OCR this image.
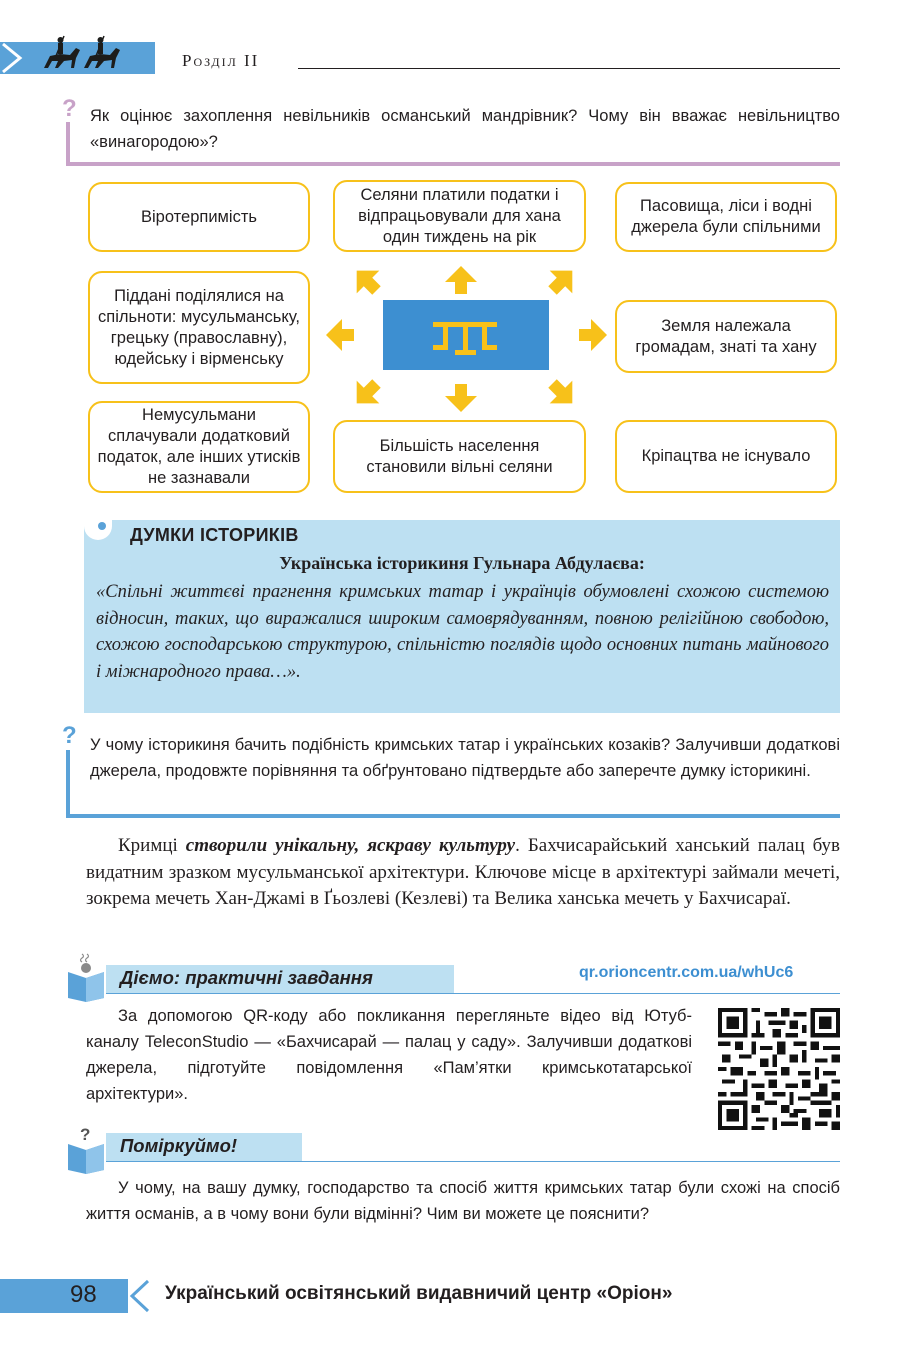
Розділ II
? Як оцінює захоплення невільників османський мандрівник? Чому він вважає невільництво «винагородою»?
Віротерпимість
Селяни платили податки і відпрацьовували для хана один тиждень на рік
Пасовища, ліси і водні джерела були спільними
Піддані поділялися на спільноти: мусульманську, грецьку (православну), юдейську і вірменську
Земля належала громадам, знаті та хану
Немусульмани сплачували додатковий податок, але інших утисків не зазнавали
Більшість населення становили вільні селяни
Кріпацтва не існувало
ДУМКИ ІСТОРИКІВ
Українська історикиня Гульнара Абдулаєва:
«Спільні життєві прагнення кримських татар і українців обумовлені схожою системою відносин, таких, що виражалися широким самоврядуванням, повною релігійною свободою, схожою господарською структурою, спільністю поглядів щодо основних питань майнового і міжнародного права…».
? У чому історикиня бачить подібність кримських татар і українських козаків? Залучивши додаткові джерела, продовжте порівняння та обґрунтовано підтвердьте або заперечте думку історикині.
Кримці створили унікальну, яскраву культуру. Бахчисарайський ханський палац був видатним зразком мусульманської архітектури. Ключове місце в архітектурі займали мечеті, зокрема мечеть Хан-Джамі в Ґьозлеві (Кезлеві) та Велика ханська мечеть у Бахчисараї.
Діємо: практичні завдання	qr.orioncentr.com.ua/whUc6
За допомогою QR-коду або покликання перегляньте відео від Ютуб-каналу TeleconStudio — «Бахчисарай — палац у саду». Залучивши додаткові джерела, підготуйте повідомлення «Пам’ятки кримськотатарської архітектури».
?
Поміркуймо!
У чому, на вашу думку, господарство та спосіб життя кримських татар були схожі на спосіб життя османів, а в чому вони були відмінні? Чим ви можете це пояснити?
98	Український освітянський видавничий центр «Оріон»
